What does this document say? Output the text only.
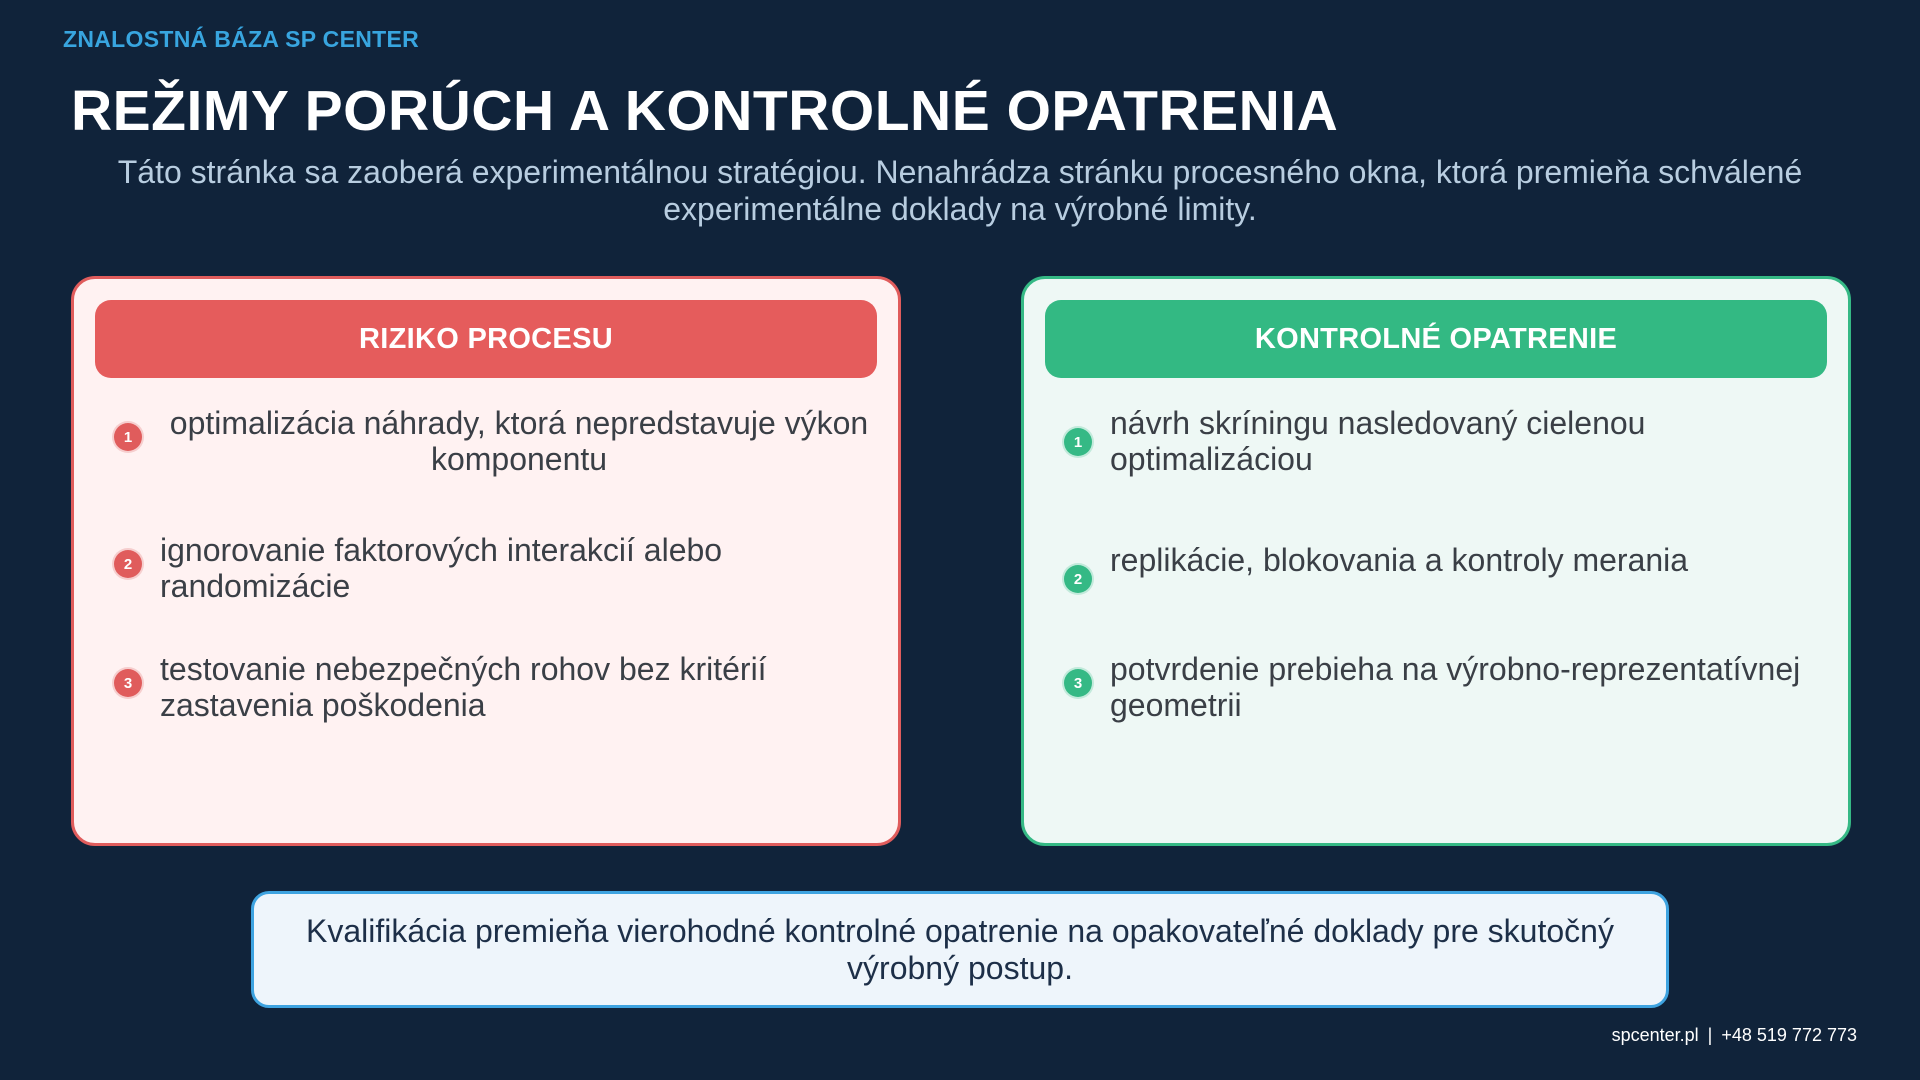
ZNALOSTNÁ BÁZA SP CENTER
REŽIMY PORÚCH A KONTROLNÉ OPATRENIA
Táto stránka sa zaoberá experimentálnou stratégiou. Nenahrádza stránku procesného okna, ktorá premieňa schválené experimentálne doklady na výrobné limity.
RIZIKO PROCESU
1	optimalizácia náhrady, ktorá nepredstavuje výkon komponentu
2 ignorovanie faktorových interakcií alebo randomizácie
3 testovanie nebezpečných rohov bez kritérií zastavenia poškodenia
KONTROLNÉ OPATRENIE
1
návrh skríningu nasledovaný cielenou optimalizáciou
2
replikácie, blokovania a kontroly merania
3 potvrdenie prebieha na výrobno-reprezentatívnej geometrii
Kvalifikácia premieňa vierohodné kontrolné opatrenie na opakovateľné doklady pre skutočný výrobný postup.
spcenter.pl | +48 519 772 773
